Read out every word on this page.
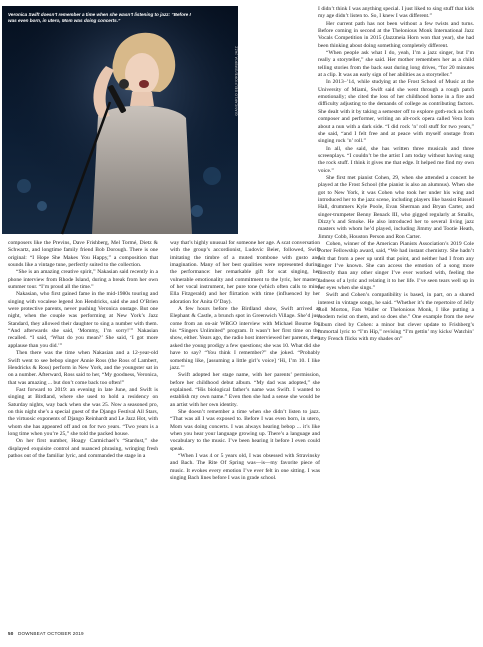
Veronica Swift doesn’t remember a time when she wasn’t listening to jazz: “Before I was even born, in utero, Mom was doing concerts.”
GIANCARLO BELFIORE/UMBRIA JAZZ

composers like the Previns, Dave Frishberg, Mel Tormé, Dietz & Schwartz, and longtime family friend Bob Dorough. There is one original: “I Hope She Makes You Happy,” a composition that sounds like a vintage tune, perfectly suited to the collection.

“She is an amazing creative spirit,” Nakasian said recently in a phone interview from Rhode Island, during a break from her own summer tour. “I’m proud all the time.”

Nakasian, who first gained fame in the mid-1980s touring and singing with vocalese legend Jon Hendricks, said she and O’Brien were protective parents, never pushing Veronica onstage. But one night, when the couple was performing at New York’s Jazz Standard, they allowed their daughter to sing a number with them. “And afterwards she said, ‘Mommy, I’m sorry!’” Nakasian recalled. “I said, ‘What do you mean?’ She said, ‘I got more applause than you did.’”

Then there was the time when Nakasian and a 12-year-old Swift went to see bebop singer Annie Ross (the Ross of Lambert, Hendricks & Ross) perform in New York, and the youngster sat in on a number. Afterward, Ross said to her, “My goodness, Veronica, that was amazing ... but don’t come back too often!”

Fast forward to 2019: an evening in late June, and Swift is singing at Birdland, where she used to hold a residency on Saturday nights, way back when she was 25. Now a seasoned pro, on this night she’s a special guest of the Django Festival All Stars, the virtuosic exponents of Django Reinhardt and Le Jazz Hot, with whom she has appeared off and on for two years. “Two years is a long time when you’re 25,” she told the packed house.

On her first number, Hoagy Carmichael’s “Stardust,” she displayed exquisite control and nuanced phrasing, wringing fresh pathos out of the familiar lyric, and commanded the stage in a

way that’s highly unusual for someone her age. A scat conversation with the group’s accordionist, Ludovic Beier, followed, Swift imitating the timbre of a muted trombone with gusto and imagination. Many of her best qualities were represented during the performance: her remarkable gift for scat singing, her vulnerable emotionality and commitment to the lyric, her mastery of her vocal instrument, her pure tone (which often calls to mind Ella Fitzgerald) and her flirtation with time (influenced by her adoration for Anita O’Day).

A few hours before the Birdland show, Swift arrived at Elephant & Castle, a brunch spot in Greenwich Village. She’d just come from an on-air WBGO interview with Michael Bourne for his “Singers Unlimited” program. It wasn’t her first time on the show, either. Years ago, the radio host interviewed her parents, then asked the young prodigy a few questions; she was 10. What did she have to say? “You think I remember?” she joked. “Probably something like, [assuming a little girl’s voice] ‘Hi, I’m 10. I like jazz.’”

Swift adopted her stage name, with her parents’ permission, before her childhood debut album. “My dad was adopted,” she explained. “His biological father’s name was Swift. I wanted to establish my own name.” Even then she had a sense she would be an artist with her own identity.

She doesn’t remember a time when she didn’t listen to jazz. “That was all I was exposed to. Before I was even born, in utero, Mom was doing concerts. I was always hearing bebop ... it’s like when you hear your language growing up. There’s a language and vocabulary to the music. I’ve been hearing it before I even could speak.

“When I was 4 or 5 years old, I was obsessed with Stravinsky and Bach. The Rite Of Spring was—is—my favorite piece of music. It evokes every emotion I’ve ever felt in one sitting. I was singing Bach lines before I was in grade school.

I didn’t think I was anything special. I just liked to sing stuff that kids my age didn’t listen to. So, I knew I was different.”

Her current path has not been without a few twists and turns. Before coming in second at the Thelonious Monk International Jazz Vocals Competition in 2015 (Jazzmeia Horn won that year), she had been thinking about doing something completely different.

“When people ask what I do, yeah, I’m a jazz singer, but I’m really a storyteller,” she said. Her mother remembers her as a child telling stories from the back seat during long drives, “for 20 minutes at a clip. It was an early sign of her abilities as a storyteller.”

In 2013–’14, while studying at the Frost School of Music at the University of Miami, Swift said she went through a rough patch emotionally; she cited the loss of her childhood home in a fire and difficulty adjusting to the demands of college as contributing factors. She dealt with it by taking a semester off to explore goth-rock as both composer and performer, writing an alt-rock opera called Vera Icon about a nun with a dark side. “I did rock ’n’ roll stuff for two years,” she said, “and I felt free and at peace with myself onstage from singing rock ’n’ roll.”

In all, she said, she has written three musicals and three screenplays. “I couldn’t be the artist I am today without having sung the rock stuff. I think it gives me that edge. It helped me find my own voice.”

She first met pianist Cohen, 29, when she attended a concert he played at the Frost School (the pianist is also an alumnus). When she got to New York, it was Cohen who took her under his wing and introduced her to the jazz scene, including players like bassist Russell Hall, drummers Kyle Poole, Evan Sherman and Bryan Carter, and singer-trumpeter Benny Benack III, who gigged regularly at Smalls, Dizzy’s and Smoke. He also introduced her to several living jazz masters with whom he’d played, including Jimmy and Tootie Heath, Jimmy Cobb, Houston Person and Ron Carter.

Cohen, winner of the American Pianists Association’s 2019 Cole Porter Fellowship award, said, “We had instant chemistry. She hadn’t felt that from a peer up until that point, and neither had I from any singer I’ve known. She can access the emotion of a song more directly than any other singer I’ve ever worked with, feeling the sadness of a lyric and relating it to her life. I’ve seen tears well up in her eyes when she sings.”

Swift and Cohen’s compatibility is based, in part, on a shared interest in vintage songs, he said. “Whether it’s the repertoire of Jelly Roll Morton, Fats Waller or Thelonious Monk, I like putting a modern twist on them, and so does she.” One example from the new album cited by Cohen: a minor but clever update to Frishberg’s immortal lyric to “I’m Hip,” revising “I’m gettin’ my kicks/ Watchin’ arty French flicks with my shades on”

50 DOWNBEAT OCTOBER 2019
